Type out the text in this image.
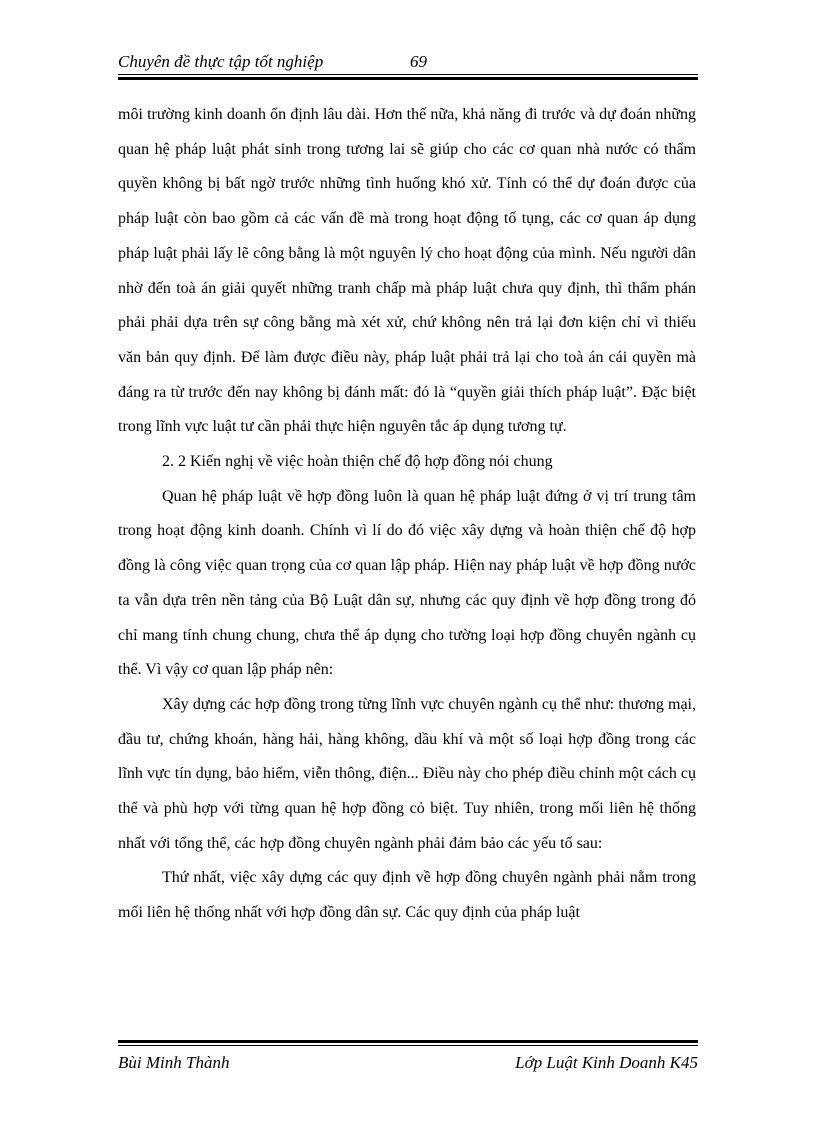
Chuyên đề thực tập tốt nghiệp	69

môi trường kinh doanh ổn định lâu dài. Hơn thế nữa, khả năng đi trước và dự đoán những quan hệ pháp luật phát sinh trong tương lai sẽ giúp cho các cơ quan nhà nước có thẩm quyền không bị bất ngờ trước những tình huống khó xử. Tính có thể dự đoán được của pháp luật còn bao gồm cả các vấn đề mà trong hoạt động tố tụng, các cơ quan áp dụng pháp luật phải lấy lẽ công bằng là một nguyên lý cho hoạt động của mình. Nếu người dân nhờ đến toà án giải quyết những tranh chấp mà pháp luật chưa quy định, thì thẩm phán phải phải dựa trên sự công bằng mà xét xử, chứ không nên trả lại đơn kiện chỉ vì thiếu văn bản quy định. Để làm được điều này, pháp luật phải trả lại cho toà án cái quyền mà đáng ra từ trước đến nay không bị đánh mất: đó là “quyền giải thích pháp luật”. Đặc biệt trong lĩnh vực luật tư cần phải thực hiện nguyên tắc áp dụng tương tự.

2. 2 Kiến nghị về việc hoàn thiện chế độ hợp đồng nói chung

Quan hệ pháp luật về hợp đồng luôn là quan hệ pháp luật đứng ở vị trí trung tâm trong hoạt động kinh doanh. Chính vì lí do đó việc xây dựng và hoàn thiện chế độ hợp đồng là công việc quan trọng của cơ quan lập pháp. Hiện nay pháp luật về hợp đồng nước ta vẫn dựa trên nền tảng của Bộ Luật dân sự, nhưng các quy định về hợp đồng trong đó chỉ mang tính chung chung, chưa thể áp dụng cho tường loại hợp đồng chuyên ngành cụ thể. Vì vậy cơ quan lập pháp nên:

Xây dựng các hợp đồng trong từng lĩnh vực chuyên ngành cụ thể như: thương mại, đầu tư, chứng khoán, hàng hải, hàng không, dầu khí và một số loại hợp đồng trong các lĩnh vực tín dụng, bảo hiểm, viễn thông, điện... Điều này cho phép điều chỉnh một cách cụ thể và phù hợp với từng quan hệ hợp đồng cỏ biệt. Tuy nhiên, trong mối liên hệ thống nhất với tổng thể, các hợp đồng chuyên ngành phải đảm bảo các yếu tố sau:

Thứ nhất, việc xây dựng các quy định về hợp đồng chuyên ngành phải nằm trong mối liên hệ thống nhất với hợp đồng dân sự. Các quy định của pháp luật

Bùi Minh Thành	Lớp Luật Kinh Doanh K45
